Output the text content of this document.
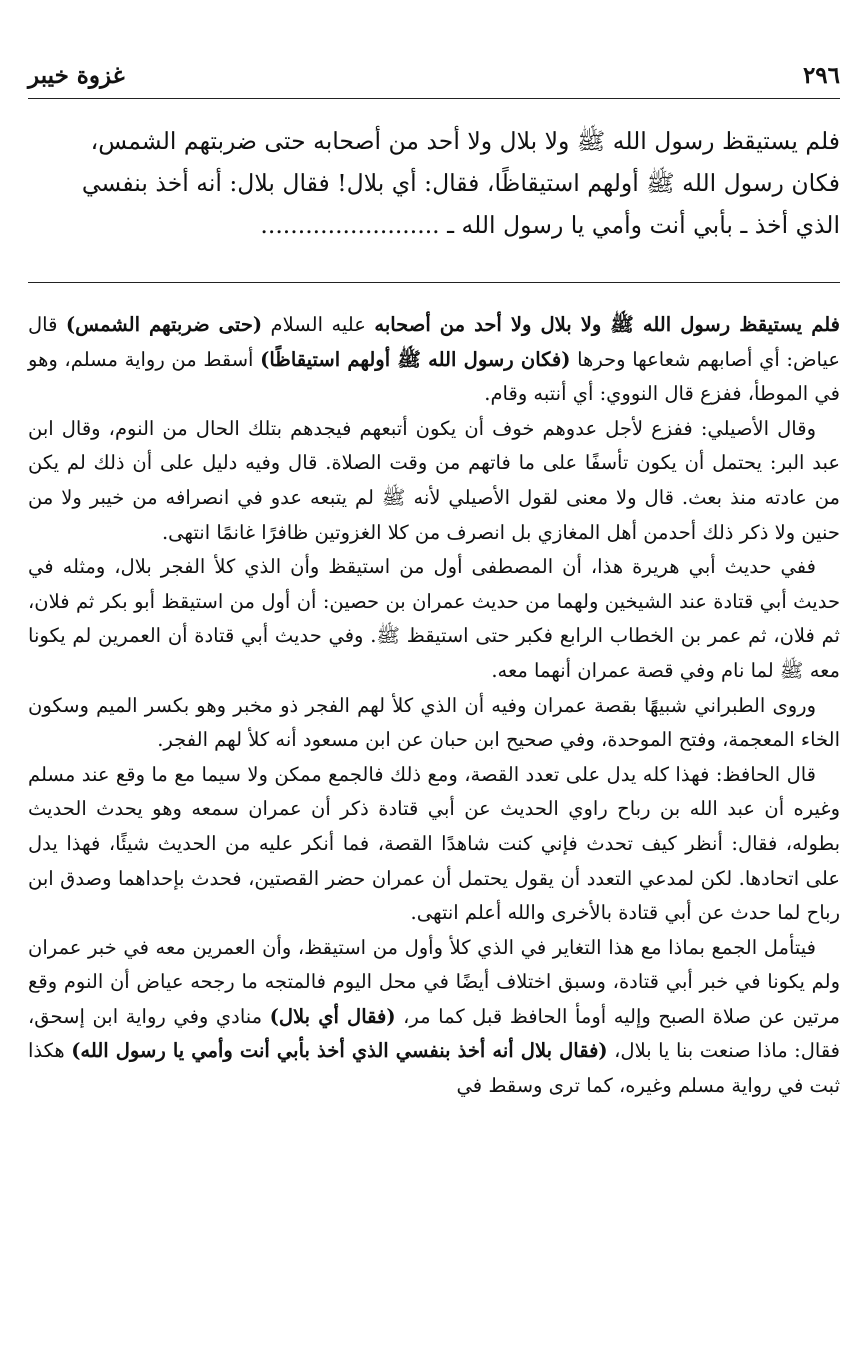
٢٩٦
غزوة خيبر

فلم يستيقظ رسول الله ﷺ ولا بلال ولا أحد من أصحابه حتى ضربتهم الشمس،

فكان رسول الله ﷺ أولهم استيقاظًا، فقال: أي بلال! فقال بلال: أنه أخذ بنفسي

الذي أخذ ـ بأبي أنت وأمي يا رسول الله ـ ........................

فلم يستيقظ رسول الله ﷺ ولا بلال ولا أحد من أصحابه عليه السلام (حتى ضربتهم الشمس) قال عياض: أي أصابهم شعاعها وحرها (فكان رسول الله ﷺ أولهم استيقاظًا) أسقط من رواية مسلم، وهو في الموطأ، ففزع قال النووي: أي أنتبه وقام.

وقال الأصيلي: ففزع لأجل عدوهم خوف أن يكون أتبعهم فيجدهم بتلك الحال من النوم، وقال ابن عبد البر: يحتمل أن يكون تأسفًا على ما فاتهم من وقت الصلاة. قال وفيه دليل على أن ذلك لم يكن من عادته منذ بعث. قال ولا معنى لقول الأصيلي لأنه ﷺ لم يتبعه عدو في انصرافه من خيبر ولا من حنين ولا ذكر ذلك أحدمن أهل المغازي بل انصرف من كلا الغزوتين ظافرًا غانمًا انتهى.

ففي حديث أبي هريرة هذا، أن المصطفى أول من استيقظ وأن الذي كلأ الفجر بلال، ومثله في حديث أبي قتادة عند الشيخين ولهما من حديث عمران بن حصين: أن أول من استيقظ أبو بكر ثم فلان، ثم فلان، ثم عمر بن الخطاب الرابع فكبر حتى استيقظ ﷺ. وفي حديث أبي قتادة أن العمرين لم يكونا معه ﷺ لما نام وفي قصة عمران أنهما معه.

وروى الطبراني شبيهًا بقصة عمران وفيه أن الذي كلأ لهم الفجر ذو مخبر وهو بكسر الميم وسكون الخاء المعجمة، وفتح الموحدة، وفي صحيح ابن حبان عن ابن مسعود أنه كلأ لهم الفجر.

قال الحافظ: فهذا كله يدل على تعدد القصة، ومع ذلك فالجمع ممكن ولا سيما مع ما وقع عند مسلم وغيره أن عبد الله بن رباح راوي الحديث عن أبي قتادة ذكر أن عمران سمعه وهو يحدث الحديث بطوله، فقال: أنظر كيف تحدث فإني كنت شاهدًا القصة، فما أنكر عليه من الحديث شيئًا، فهذا يدل على اتحادها. لكن لمدعي التعدد أن يقول يحتمل أن عمران حضر القصتين، فحدث بإحداهما وصدق ابن رباح لما حدث عن أبي قتادة بالأخرى والله أعلم انتهى.

فيتأمل الجمع بماذا مع هذا التغاير في الذي كلأ وأول من استيقظ، وأن العمرين معه في خبر عمران ولم يكونا في خبر أبي قتادة، وسبق اختلاف أيضًا في محل اليوم فالمتجه ما رجحه عياض أن النوم وقع مرتين عن صلاة الصبح وإليه أومأ الحافظ قبل كما مر، (فقال أي بلال) منادي وفي رواية ابن إسحق، فقال: ماذا صنعت بنا يا بلال، (فقال بلال أنه أخذ بنفسي الذي أخذ بأبي أنت وأمي يا رسول الله) هكذا ثبت في رواية مسلم وغيره، كما ترى وسقط في
